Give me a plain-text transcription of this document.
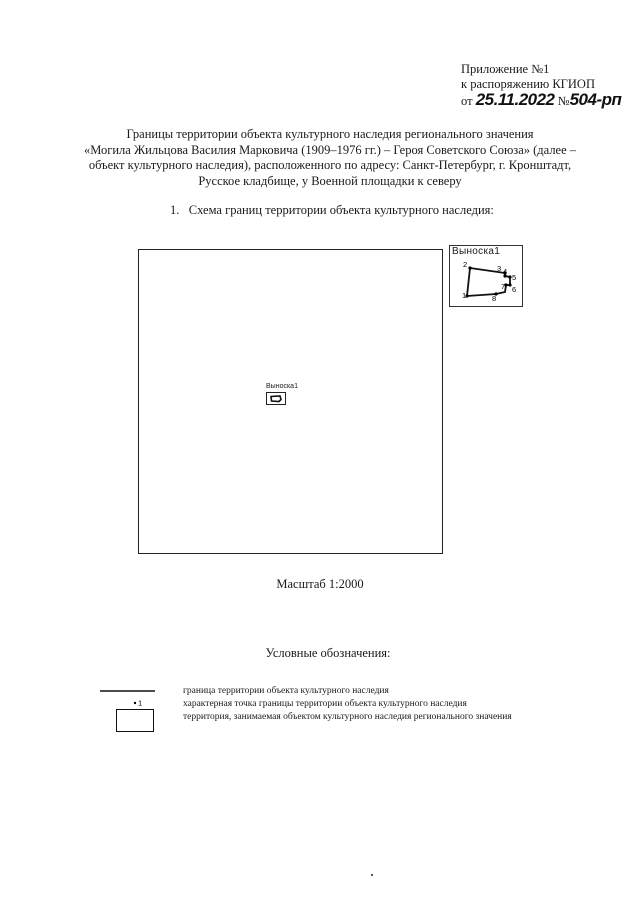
Приложение №1
к распоряжению КГИОП
от 25.11.2022 №504-рп
Границы территории объекта культурного наследия регионального значения
«Могила Жильцова Василия Марковича (1909–1976 гг.) – Героя Советского Союза» (далее –
объект культурного наследия), расположенного по адресу: Санкт-Петербург, г. Кронштадт,
Русское кладбище, у Военной площадки к северу
1.   Схема границ территории объекта культурного наследия:
Выноска1
Выноска1
1
2	3 4
5
6
7
8
Масштаб 1:2000
Условные обозначения:
1
граница территории объекта культурного наследия
характерная точка границы территории объекта культурного наследия
территория, занимаемая объектом культурного наследия регионального значения
